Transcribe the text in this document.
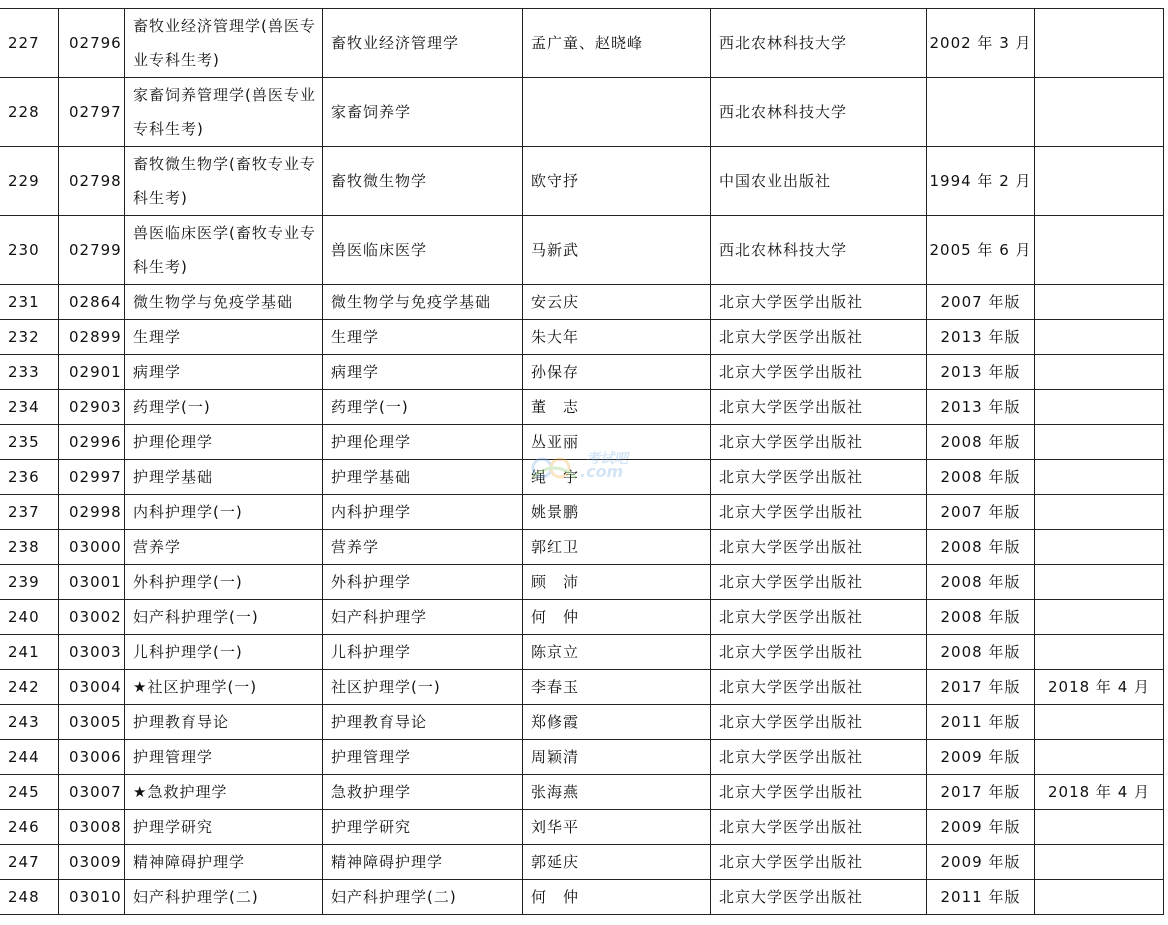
227	02796	畜牧业经济管理学(兽医专业专科生考)	畜牧业经济管理学	孟广童、赵晓峰	西北农林科技大学	2002 年 3 月	
228	02797	家畜饲养管理学(兽医专业专科生考)	家畜饲养学		西北农林科技大学		
229	02798	畜牧微生物学(畜牧专业专科生考)	畜牧微生物学	欧守抒	中国农业出版社	1994 年 2 月	
230	02799	兽医临床医学(畜牧专业专科生考)	兽医临床医学	马新武	西北农林科技大学	2005 年 6 月	
231	02864	微生物学与免疫学基础	微生物学与免疫学基础	安云庆	北京大学医学出版社	2007 年版	
232	02899	生理学	生理学	朱大年	北京大学医学出版社	2013 年版	
233	02901	病理学	病理学	孙保存	北京大学医学出版社	2013 年版	
234	02903	药理学(一)	药理学(一)	董　志	北京大学医学出版社	2013 年版	
235	02996	护理伦理学	护理伦理学	丛亚丽	北京大学医学出版社	2008 年版	
236	02997	护理学基础	护理学基础	绳　宇	北京大学医学出版社	2008 年版	
237	02998	内科护理学(一)	内科护理学	姚景鹏	北京大学医学出版社	2007 年版	
238	03000	营养学	营养学	郭红卫	北京大学医学出版社	2008 年版	
239	03001	外科护理学(一)	外科护理学	顾　沛	北京大学医学出版社	2008 年版	
240	03002	妇产科护理学(一)	妇产科护理学	何　仲	北京大学医学出版社	2008 年版	
241	03003	儿科护理学(一)	儿科护理学	陈京立	北京大学医学出版社	2008 年版	
242	03004	★社区护理学(一)	社区护理学(一)	李春玉	北京大学医学出版社	2017 年版	2018 年 4 月
243	03005	护理教育导论	护理教育导论	郑修霞	北京大学医学出版社	2011 年版	
244	03006	护理管理学	护理管理学	周颖清	北京大学医学出版社	2009 年版	
245	03007	★急救护理学	急救护理学	张海燕	北京大学医学出版社	2017 年版	2018 年 4 月
246	03008	护理学研究	护理学研究	刘华平	北京大学医学出版社	2009 年版	
247	03009	精神障碍护理学	精神障碍护理学	郭延庆	北京大学医学出版社	2009 年版	
248	03010	妇产科护理学(二)	妇产科护理学(二)	何　仲	北京大学医学出版社	2011 年版	
考试吧
.com
